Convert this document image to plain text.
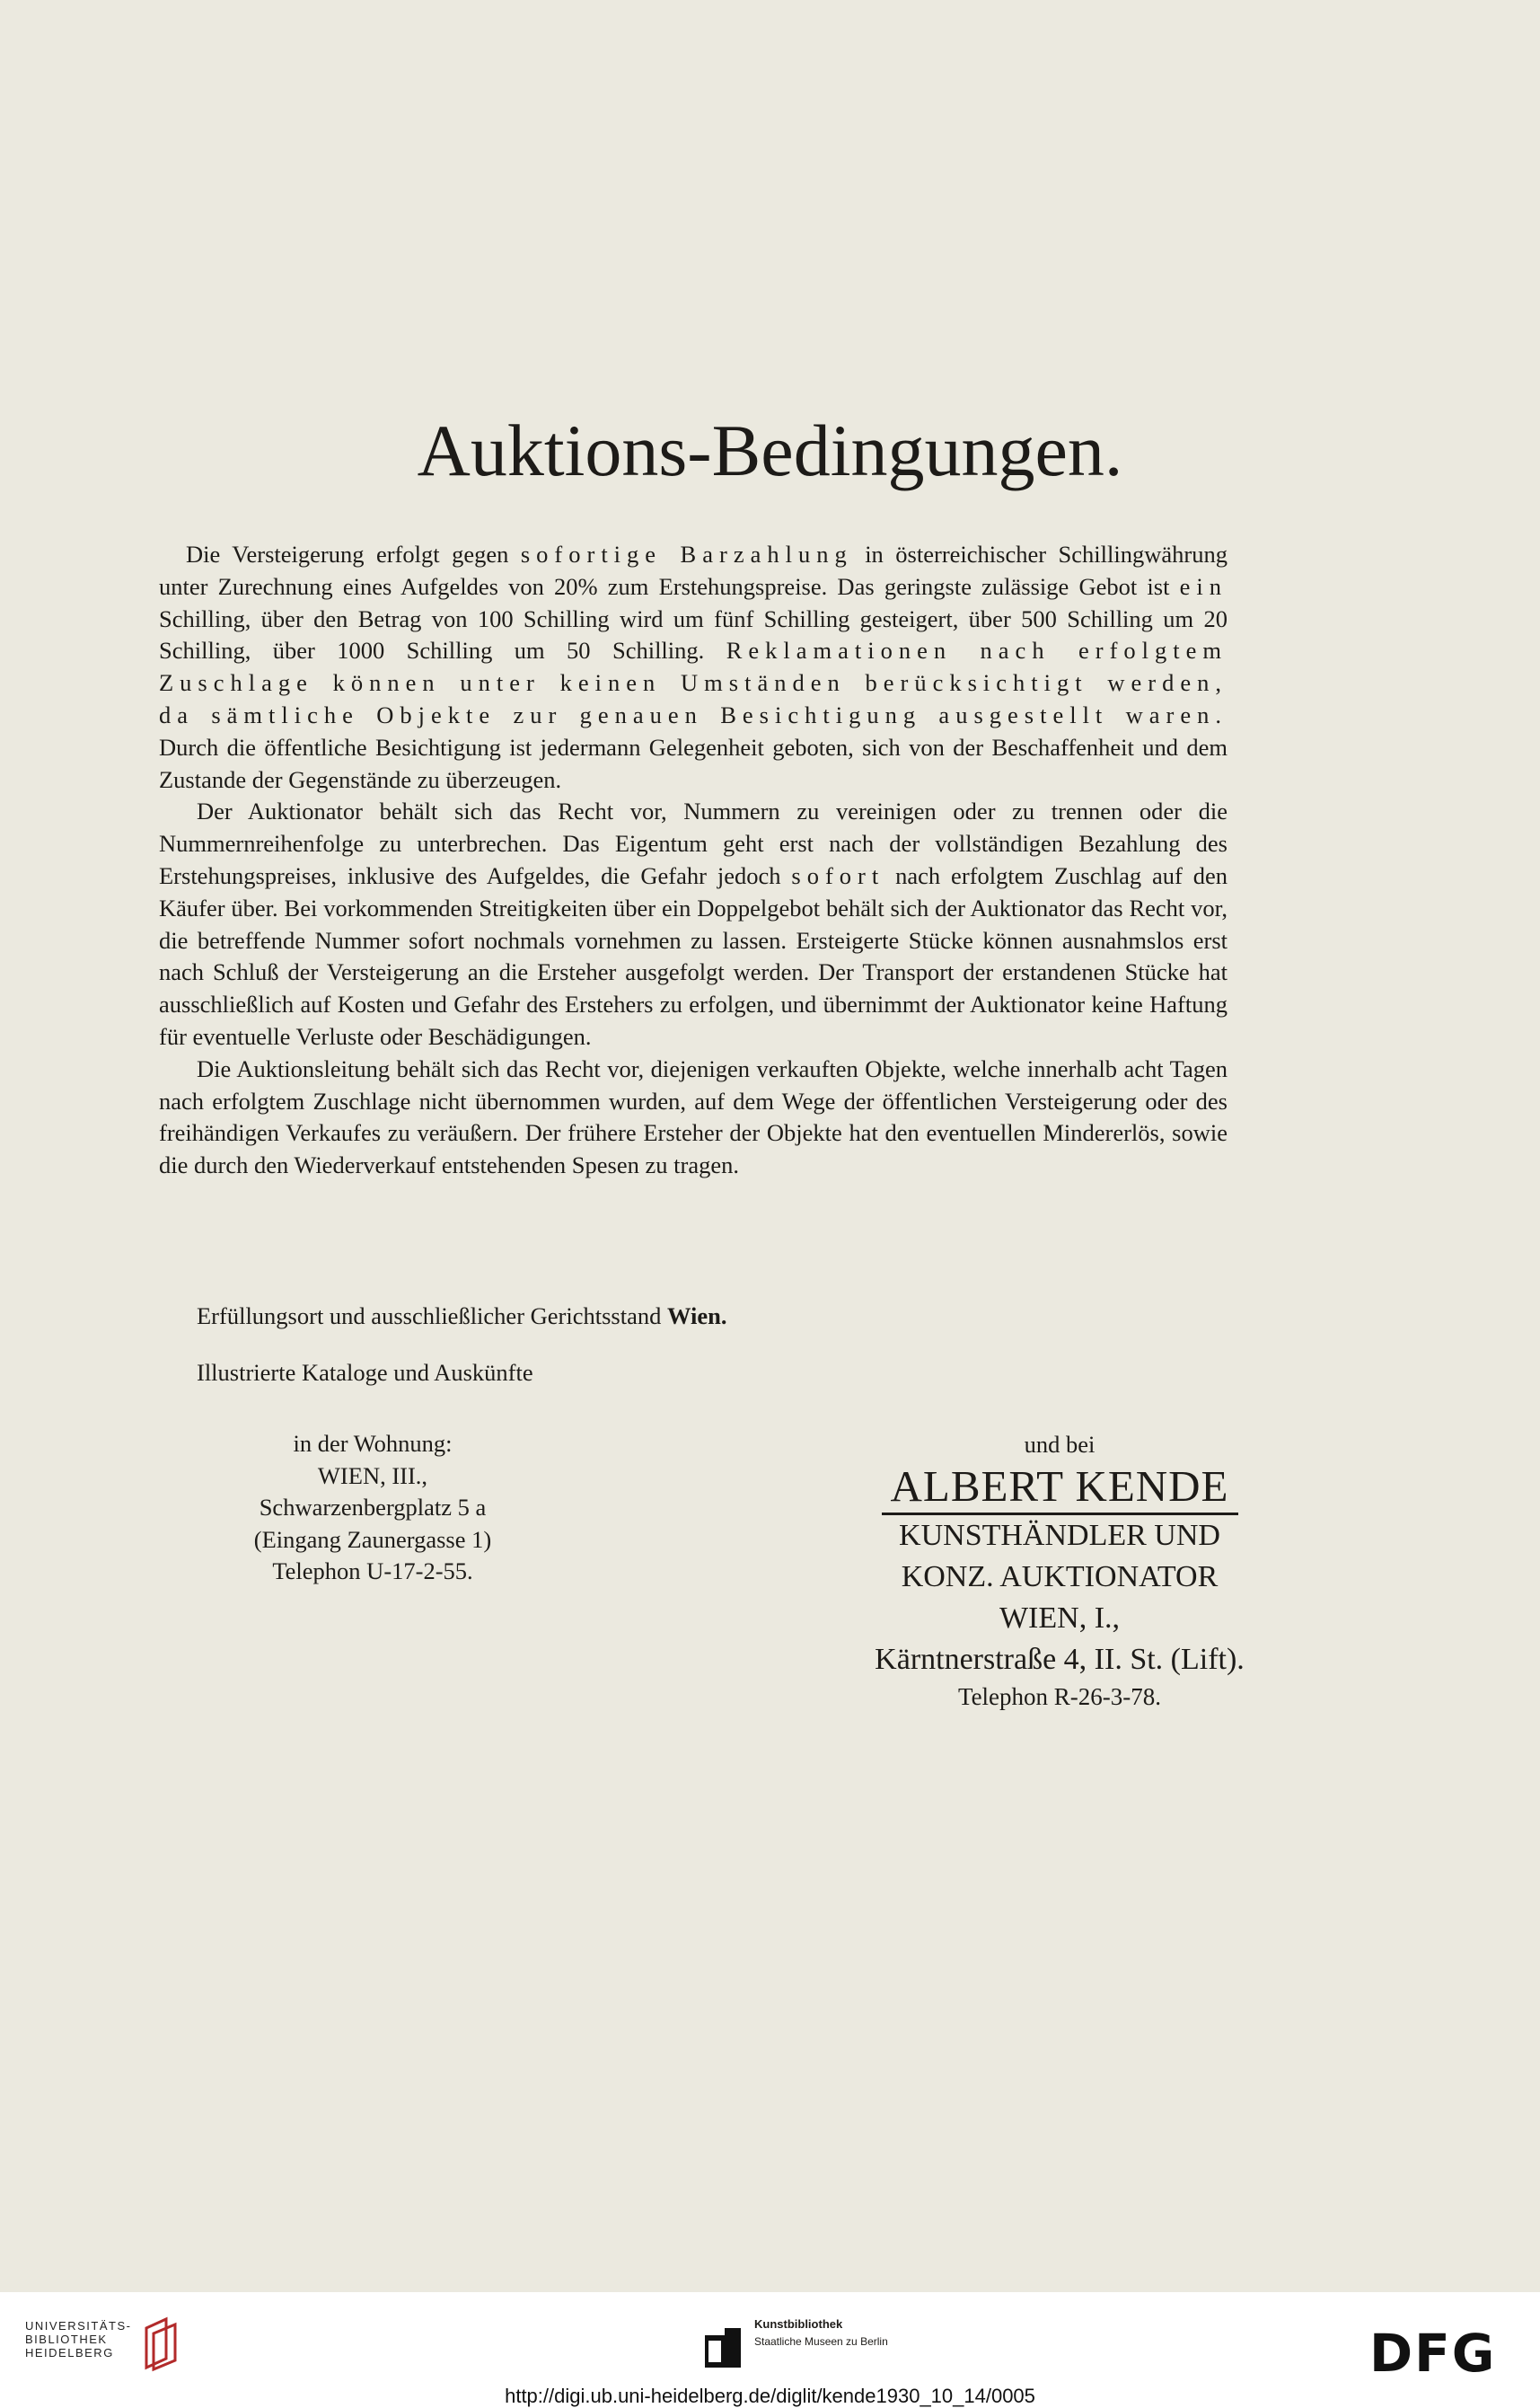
Auktions-Bedingungen.

Die Versteigerung erfolgt gegen sofortige Barzahlung in österreichischer Schillingwährung unter Zurechnung eines Aufgeldes von 20% zum Erstehungspreise. Das geringste zulässige Gebot ist ein Schilling, über den Betrag von 100 Schilling wird um fünf Schilling gesteigert, über 500 Schilling um 20 Schilling, über 1000 Schilling um 50 Schilling. Reklamationen nach erfolgtem Zuschlage können unter keinen Umständen berücksichtigt werden, da sämtliche Objekte zur genauen Besichtigung ausgestellt waren. Durch die öffentliche Besichtigung ist jedermann Gelegenheit geboten, sich von der Beschaffenheit und dem Zustande der Gegenstände zu überzeugen.

Der Auktionator behält sich das Recht vor, Nummern zu vereinigen oder zu trennen oder die Nummernreihenfolge zu unterbrechen. Das Eigentum geht erst nach der vollständigen Bezahlung des Erstehungspreises, inklusive des Aufgeldes, die Gefahr jedoch sofort nach erfolgtem Zuschlag auf den Käufer über. Bei vorkommenden Streitigkeiten über ein Doppelgebot behält sich der Auktionator das Recht vor, die betreffende Nummer sofort nochmals vornehmen zu lassen. Ersteigerte Stücke können ausnahmslos erst nach Schluß der Versteigerung an die Ersteher ausgefolgt werden. Der Transport der erstandenen Stücke hat ausschließlich auf Kosten und Gefahr des Erstehers zu erfolgen, und übernimmt der Auktionator keine Haftung für eventuelle Verluste oder Beschädigungen.

Die Auktionsleitung behält sich das Recht vor, diejenigen verkauften Objekte, welche innerhalb acht Tagen nach erfolgtem Zuschlage nicht übernommen wurden, auf dem Wege der öffentlichen Versteigerung oder des freihändigen Verkaufes zu veräußern. Der frühere Ersteher der Objekte hat den eventuellen Mindererlös, sowie die durch den Wiederverkauf entstehenden Spesen zu tragen.

Erfüllungsort und ausschließlicher Gerichtsstand Wien.
Illustrierte Kataloge und Auskünfte
in der Wohnung:
WIEN, III.,
Schwarzenbergplatz 5 a
(Eingang Zaunergasse 1)
Telephon U-17-2-55.
und bei
ALBERT KENDE
KUNSTHÄNDLER UND
KONZ. AUKTIONATOR
WIEN, I.,
Kärntnerstraße 4, II. St. (Lift).
Telephon R-26-3-78.
UNIVERSITÄTS-
BIBLIOTHEK
HEIDELBERG
Kunstbibliothek
Staatliche Museen zu Berlin	DFG
http://digi.ub.uni-heidelberg.de/diglit/kende1930_10_14/0005
